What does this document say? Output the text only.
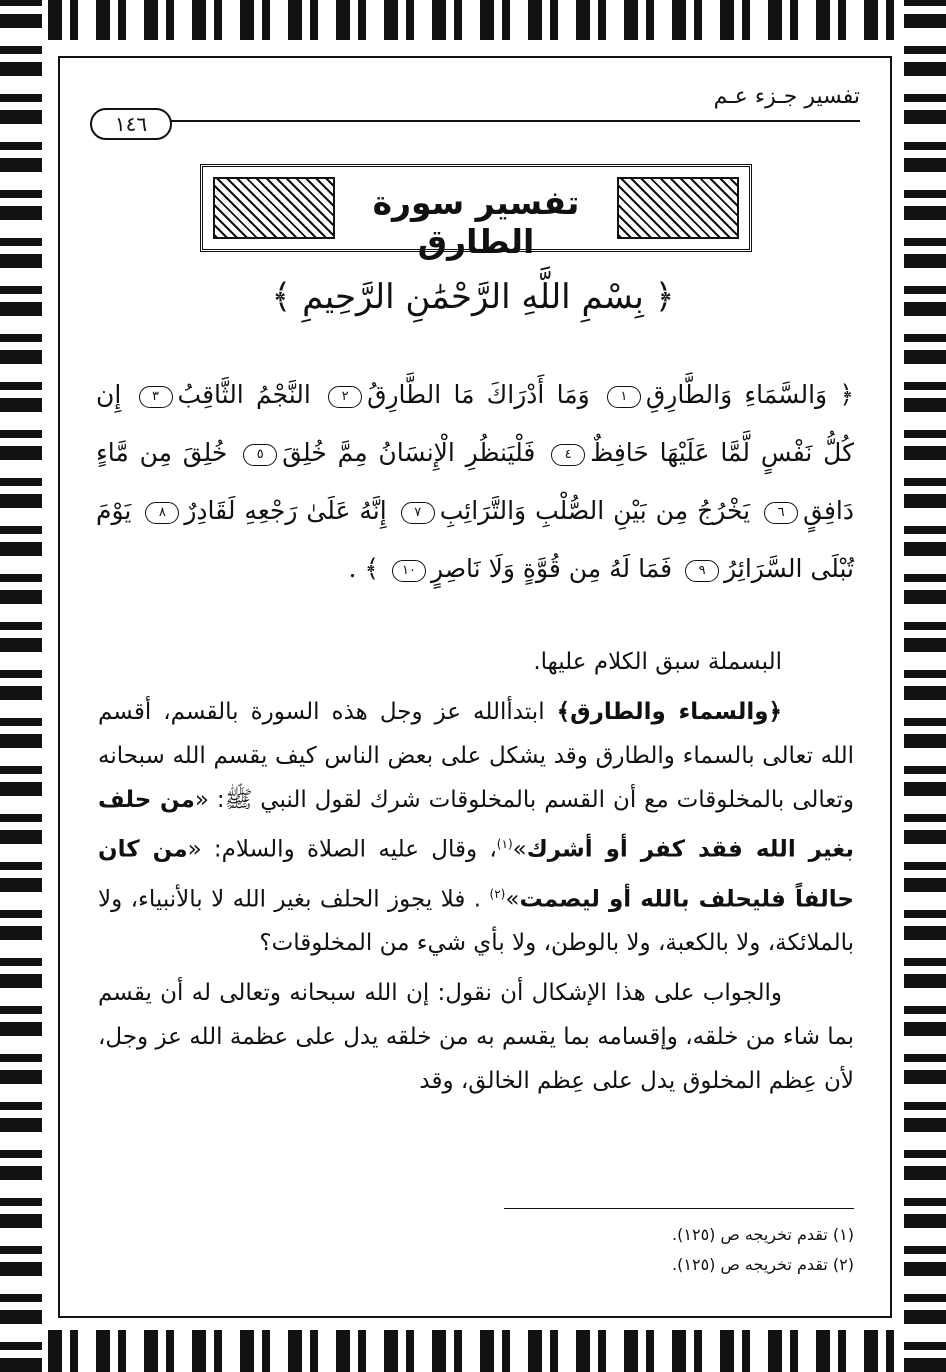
تفسير جـزء عـم
١٤٦
تفسير سورة الطارق
﴿ بِسْمِ اللَّهِ الرَّحْمَٰنِ الرَّحِيمِ ﴾
﴿ وَالسَّمَاءِ وَالطَّارِقِ١ وَمَا أَدْرَاكَ مَا الطَّارِقُ٢ النَّجْمُ الثَّاقِبُ٣ إِن كُلُّ نَفْسٍ لَّمَّا عَلَيْهَا حَافِظٌ٤ فَلْيَنظُرِ الْإِنسَانُ مِمَّ خُلِقَ٥ خُلِقَ مِن مَّاءٍ دَافِقٍ٦ يَخْرُجُ مِن بَيْنِ الصُّلْبِ وَالتَّرَائِبِ٧ إِنَّهُ عَلَىٰ رَجْعِهِ لَقَادِرٌ٨ يَوْمَ تُبْلَى السَّرَائِرُ٩ فَمَا لَهُ مِن قُوَّةٍ وَلَا نَاصِرٍ١٠ ﴾ .

البسملة سبق الكلام عليها.

﴿والسماء والطارق﴾ ابتدأالله عز وجل هذه السورة بالقسم، أقسم الله تعالى بالسماء والطارق وقد يشكل على بعض الناس كيف يقسم الله سبحانه وتعالى بالمخلوقات مع أن القسم بالمخلوقات شرك لقول النبي ﷺ: «من حلف بغير الله فقد كفر أو أشرك»$^{(١)}$، وقال عليه الصلاة والسلام: «من كان حالفاً فليحلف بالله أو ليصمت»$^{(٢)}$ . فلا يجوز الحلف بغير الله لا بالأنبياء، ولا بالملائكة، ولا بالكعبة، ولا بالوطن، ولا بأي شيء من المخلوقات؟

والجواب على هذا الإشكال أن نقول: إن الله سبحانه وتعالى له أن يقسم بما شاء من خلقه، وإقسامه بما يقسم به من خلقه يدل على عظمة الله عز وجل، لأن عِظم المخلوق يدل على عِظم الخالق، وقد

(١) تقدم تخريجه ص (١٢٥).
(٢) تقدم تخريجه ص (١٢٥).
